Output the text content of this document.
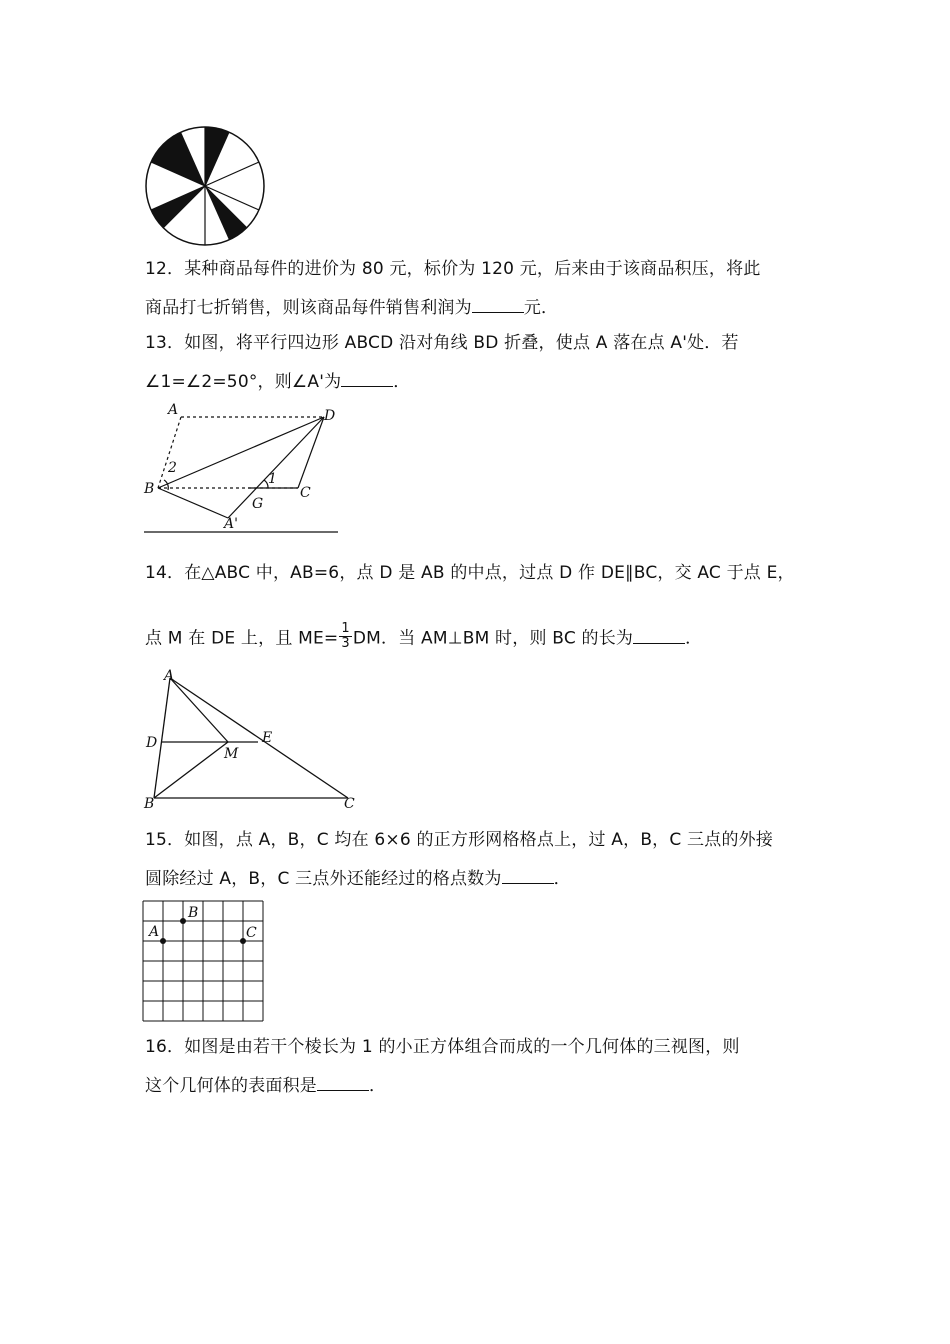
12．某种商品每件的进价为 80 元，标价为 120 元，后来由于该商品积压，将此
商品打七折销售，则该商品每件销售利润为	元．
13．如图，将平行四边形 ABCD 沿对角线 BD 折叠，使点 A 落在点 A'处．若
∠1=∠2=50°，则∠A'为	．
A	D
B	C
G
A'
1
2
14．在△ABC 中，AB=6，点 D 是 AB 的中点，过点 D 作 DE∥BC，交 AC 于点 E，
点 M 在 DE 上，且 $ME= \frac{1}{3}$ DM．当 AM⊥BM 时，则 BC 的长为	．
A
D
M
E
B	C
15．如图，点 A，B，C 均在 6×6 的正方形网格格点上，过 A，B，C 三点的外接
圆除经过 A，B，C 三点外还能经过的格点数为	．
A
B
C
16．如图是由若干个棱长为 1 的小正方体组合而成的一个几何体的三视图，则
这个几何体的表面积是	．
